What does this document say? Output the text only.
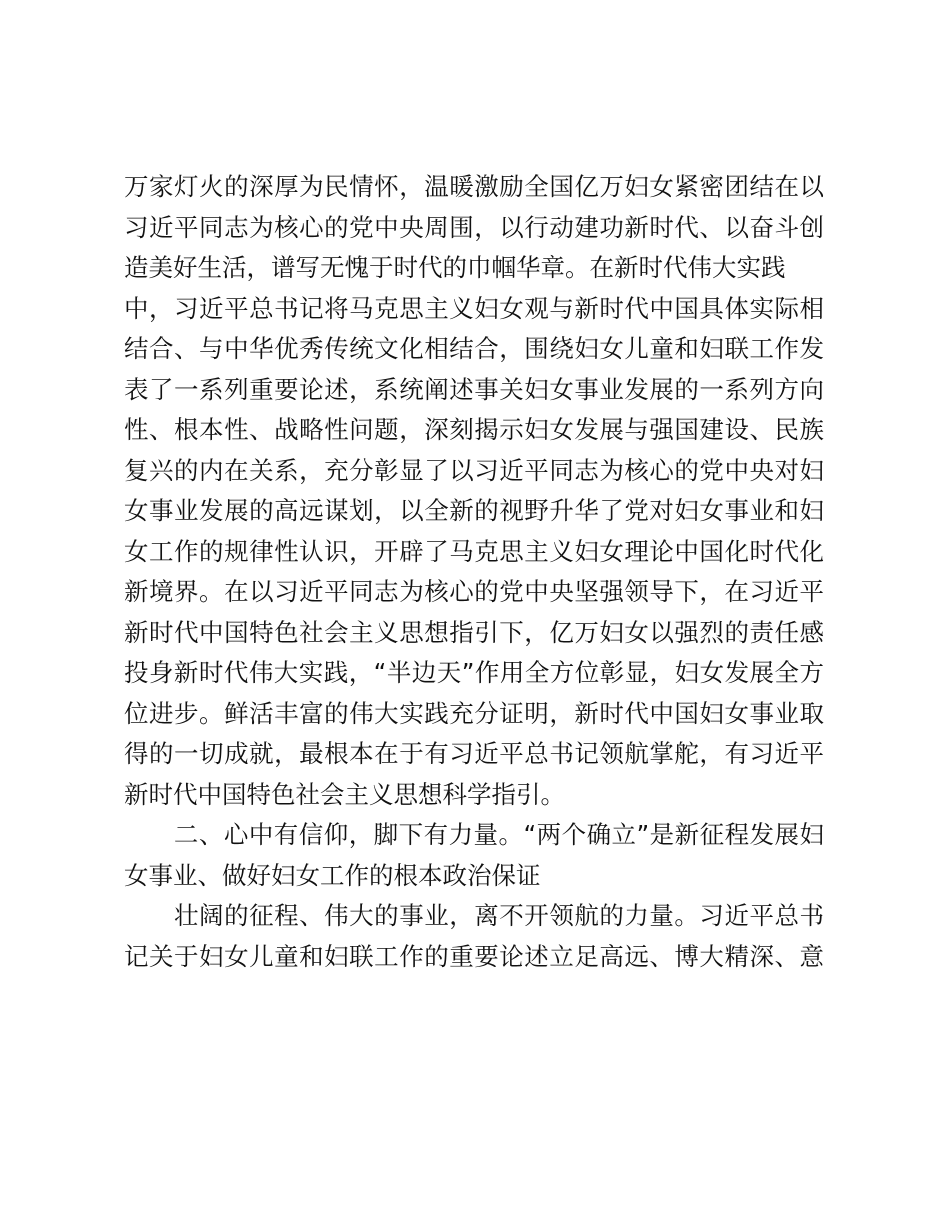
万家灯火的深厚为民情怀，温暖激励全国亿万妇女紧密团结在以
习近平同志为核心的党中央周围，以行动建功新时代、以奋斗创
造美好生活，谱写无愧于时代的巾帼华章。在新时代伟大实践
中，习近平总书记将马克思主义妇女观与新时代中国具体实际相
结合、与中华优秀传统文化相结合，围绕妇女儿童和妇联工作发
表了一系列重要论述，系统阐述事关妇女事业发展的一系列方向
性、根本性、战略性问题，深刻揭示妇女发展与强国建设、民族
复兴的内在关系，充分彰显了以习近平同志为核心的党中央对妇
女事业发展的高远谋划，以全新的视野升华了党对妇女事业和妇
女工作的规律性认识，开辟了马克思主义妇女理论中国化时代化
新境界。在以习近平同志为核心的党中央坚强领导下，在习近平
新时代中国特色社会主义思想指引下，亿万妇女以强烈的责任感
投身新时代伟大实践，“半边天”作用全方位彰显，妇女发展全方
位进步。鲜活丰富的伟大实践充分证明，新时代中国妇女事业取
得的一切成就，最根本在于有习近平总书记领航掌舵，有习近平
新时代中国特色社会主义思想科学指引。
　　二、心中有信仰，脚下有力量。“两个确立”是新征程发展妇
女事业、做好妇女工作的根本政治保证
　　壮阔的征程、伟大的事业，离不开领航的力量。习近平总书
记关于妇女儿童和妇联工作的重要论述立足高远、博大精深、意
